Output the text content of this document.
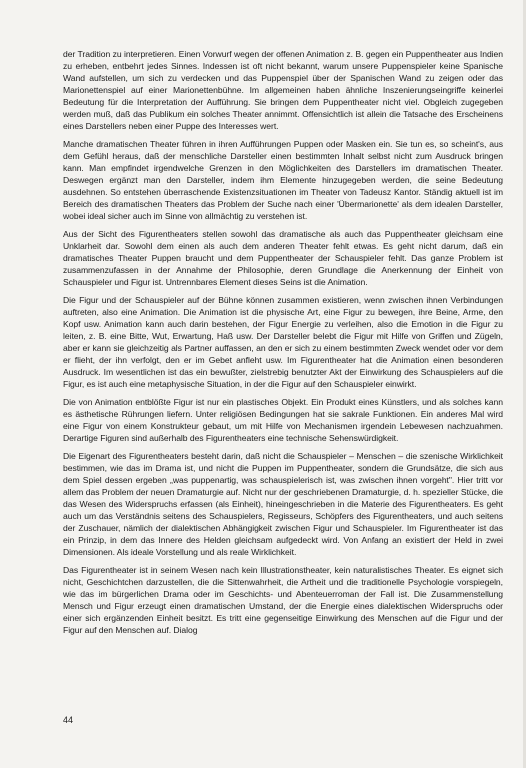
der Tradition zu interpretieren. Einen Vorwurf wegen der offenen Animation z. B. gegen ein Puppentheater aus Indien zu erheben, entbehrt jedes Sinnes. Indessen ist oft nicht bekannt, warum unsere Puppenspieler keine Spanische Wand aufstellen, um sich zu verdecken und das Puppenspiel über der Spanischen Wand zu zeigen oder das Marionettenspiel auf einer Marionettenbühne. Im allgemeinen haben ähnliche Inszenierungseingriffe keinerlei Bedeutung für die Interpretation der Aufführung. Sie bringen dem Puppentheater nicht viel. Obgleich zugegeben werden muß, daß das Publikum ein solches Theater annimmt. Offensichtlich ist allein die Tatsache des Erscheinens eines Darstellers neben einer Puppe des Interesses wert.

Manche dramatischen Theater führen in ihren Aufführungen Puppen oder Masken ein. Sie tun es, so scheint's, aus dem Gefühl heraus, daß der menschliche Darsteller einen bestimmten Inhalt selbst nicht zum Ausdruck bringen kann. Man empfindet irgendwelche Grenzen in den Möglichkeiten des Darstellers im dramatischen Theater. Deswegen ergänzt man den Darsteller, indem ihm Elemente hinzugegeben werden, die seine Bedeutung ausdehnen. So entstehen überraschende Existenzsituationen im Theater von Tadeusz Kantor. Ständig aktuell ist im Bereich des dramatischen Theaters das Problem der Suche nach einer 'Übermarionette' als dem idealen Darsteller, wobei ideal sicher auch im Sinne von allmächtig zu verstehen ist.

Aus der Sicht des Figurentheaters stellen sowohl das dramatische als auch das Puppentheater gleichsam eine Unklarheit dar. Sowohl dem einen als auch dem anderen Theater fehlt etwas. Es geht nicht darum, daß ein dramatisches Theater Puppen braucht und dem Puppentheater der Schauspieler fehlt. Das ganze Problem ist zusammenzufassen in der Annahme der Philosophie, deren Grundlage die Anerkennung der Einheit von Schauspieler und Figur ist. Untrennbares Element dieses Seins ist die Animation.

Die Figur und der Schauspieler auf der Bühne können zusammen existieren, wenn zwischen ihnen Verbindungen auftreten, also eine Animation. Die Animation ist die physische Art, eine Figur zu bewegen, ihre Beine, Arme, den Kopf usw. Animation kann auch darin bestehen, der Figur Energie zu verleihen, also die Emotion in die Figur zu leiten, z. B. eine Bitte, Wut, Erwartung, Haß usw. Der Darsteller belebt die Figur mit Hilfe von Griffen und Zügeln, aber er kann sie gleichzeitig als Partner auffassen, an den er sich zu einem bestimmten Zweck wendet oder vor dem er flieht, der ihn verfolgt, den er im Gebet anfleht usw. Im Figurentheater hat die Animation einen besonderen Ausdruck. Im wesentlichen ist das ein bewußter, zielstrebig benutzter Akt der Einwirkung des Schauspielers auf die Figur, es ist auch eine metaphysische Situation, in der die Figur auf den Schauspieler einwirkt.

Die von Animation entblößte Figur ist nur ein plastisches Objekt. Ein Produkt eines Künstlers, und als solches kann es ästhetische Rührungen liefern. Unter religiösen Bedingungen hat sie sakrale Funktionen. Ein anderes Mal wird eine Figur von einem Konstrukteur gebaut, um mit Hilfe von Mechanismen irgendein Lebewesen nachzuahmen. Derartige Figuren sind außerhalb des Figurentheaters eine technische Sehenswürdigkeit.

Die Eigenart des Figurentheaters besteht darin, daß nicht die Schauspieler – Menschen – die szenische Wirklichkeit bestimmen, wie das im Drama ist, und nicht die Puppen im Puppentheater, sondern die Grundsätze, die sich aus dem Spiel dessen ergeben „was puppenartig, was schauspielerisch ist, was zwischen ihnen vorgeht". Hier tritt vor allem das Problem der neuen Dramaturgie auf. Nicht nur der geschriebenen Dramaturgie, d. h. spezieller Stücke, die das Wesen des Widerspruchs erfassen (als Einheit), hineingeschrieben in die Materie des Figurentheaters. Es geht auch um das Verständnis seitens des Schauspielers, Regisseurs, Schöpfers des Figurentheaters, und auch seitens der Zuschauer, nämlich der dialektischen Abhängigkeit zwischen Figur und Schauspieler. Im Figurentheater ist das ein Prinzip, in dem das Innere des Helden gleichsam aufgedeckt wird. Von Anfang an existiert der Held in zwei Dimensionen. Als ideale Vorstellung und als reale Wirklichkeit.

Das Figurentheater ist in seinem Wesen nach kein Illustrationstheater, kein naturalistisches Theater. Es eignet sich nicht, Geschichtchen darzustellen, die die Sittenwahrheit, die Artheit und die traditionelle Psychologie vorspiegeln, wie das im bürgerlichen Drama oder im Geschichts- und Abenteuerroman der Fall ist. Die Zusammenstellung Mensch und Figur erzeugt einen dramatischen Umstand, der die Energie eines dialektischen Widerspruchs oder einer sich ergänzenden Einheit besitzt. Es tritt eine gegenseitige Einwirkung des Menschen auf die Figur und der Figur auf den Menschen auf. Dialog

44
